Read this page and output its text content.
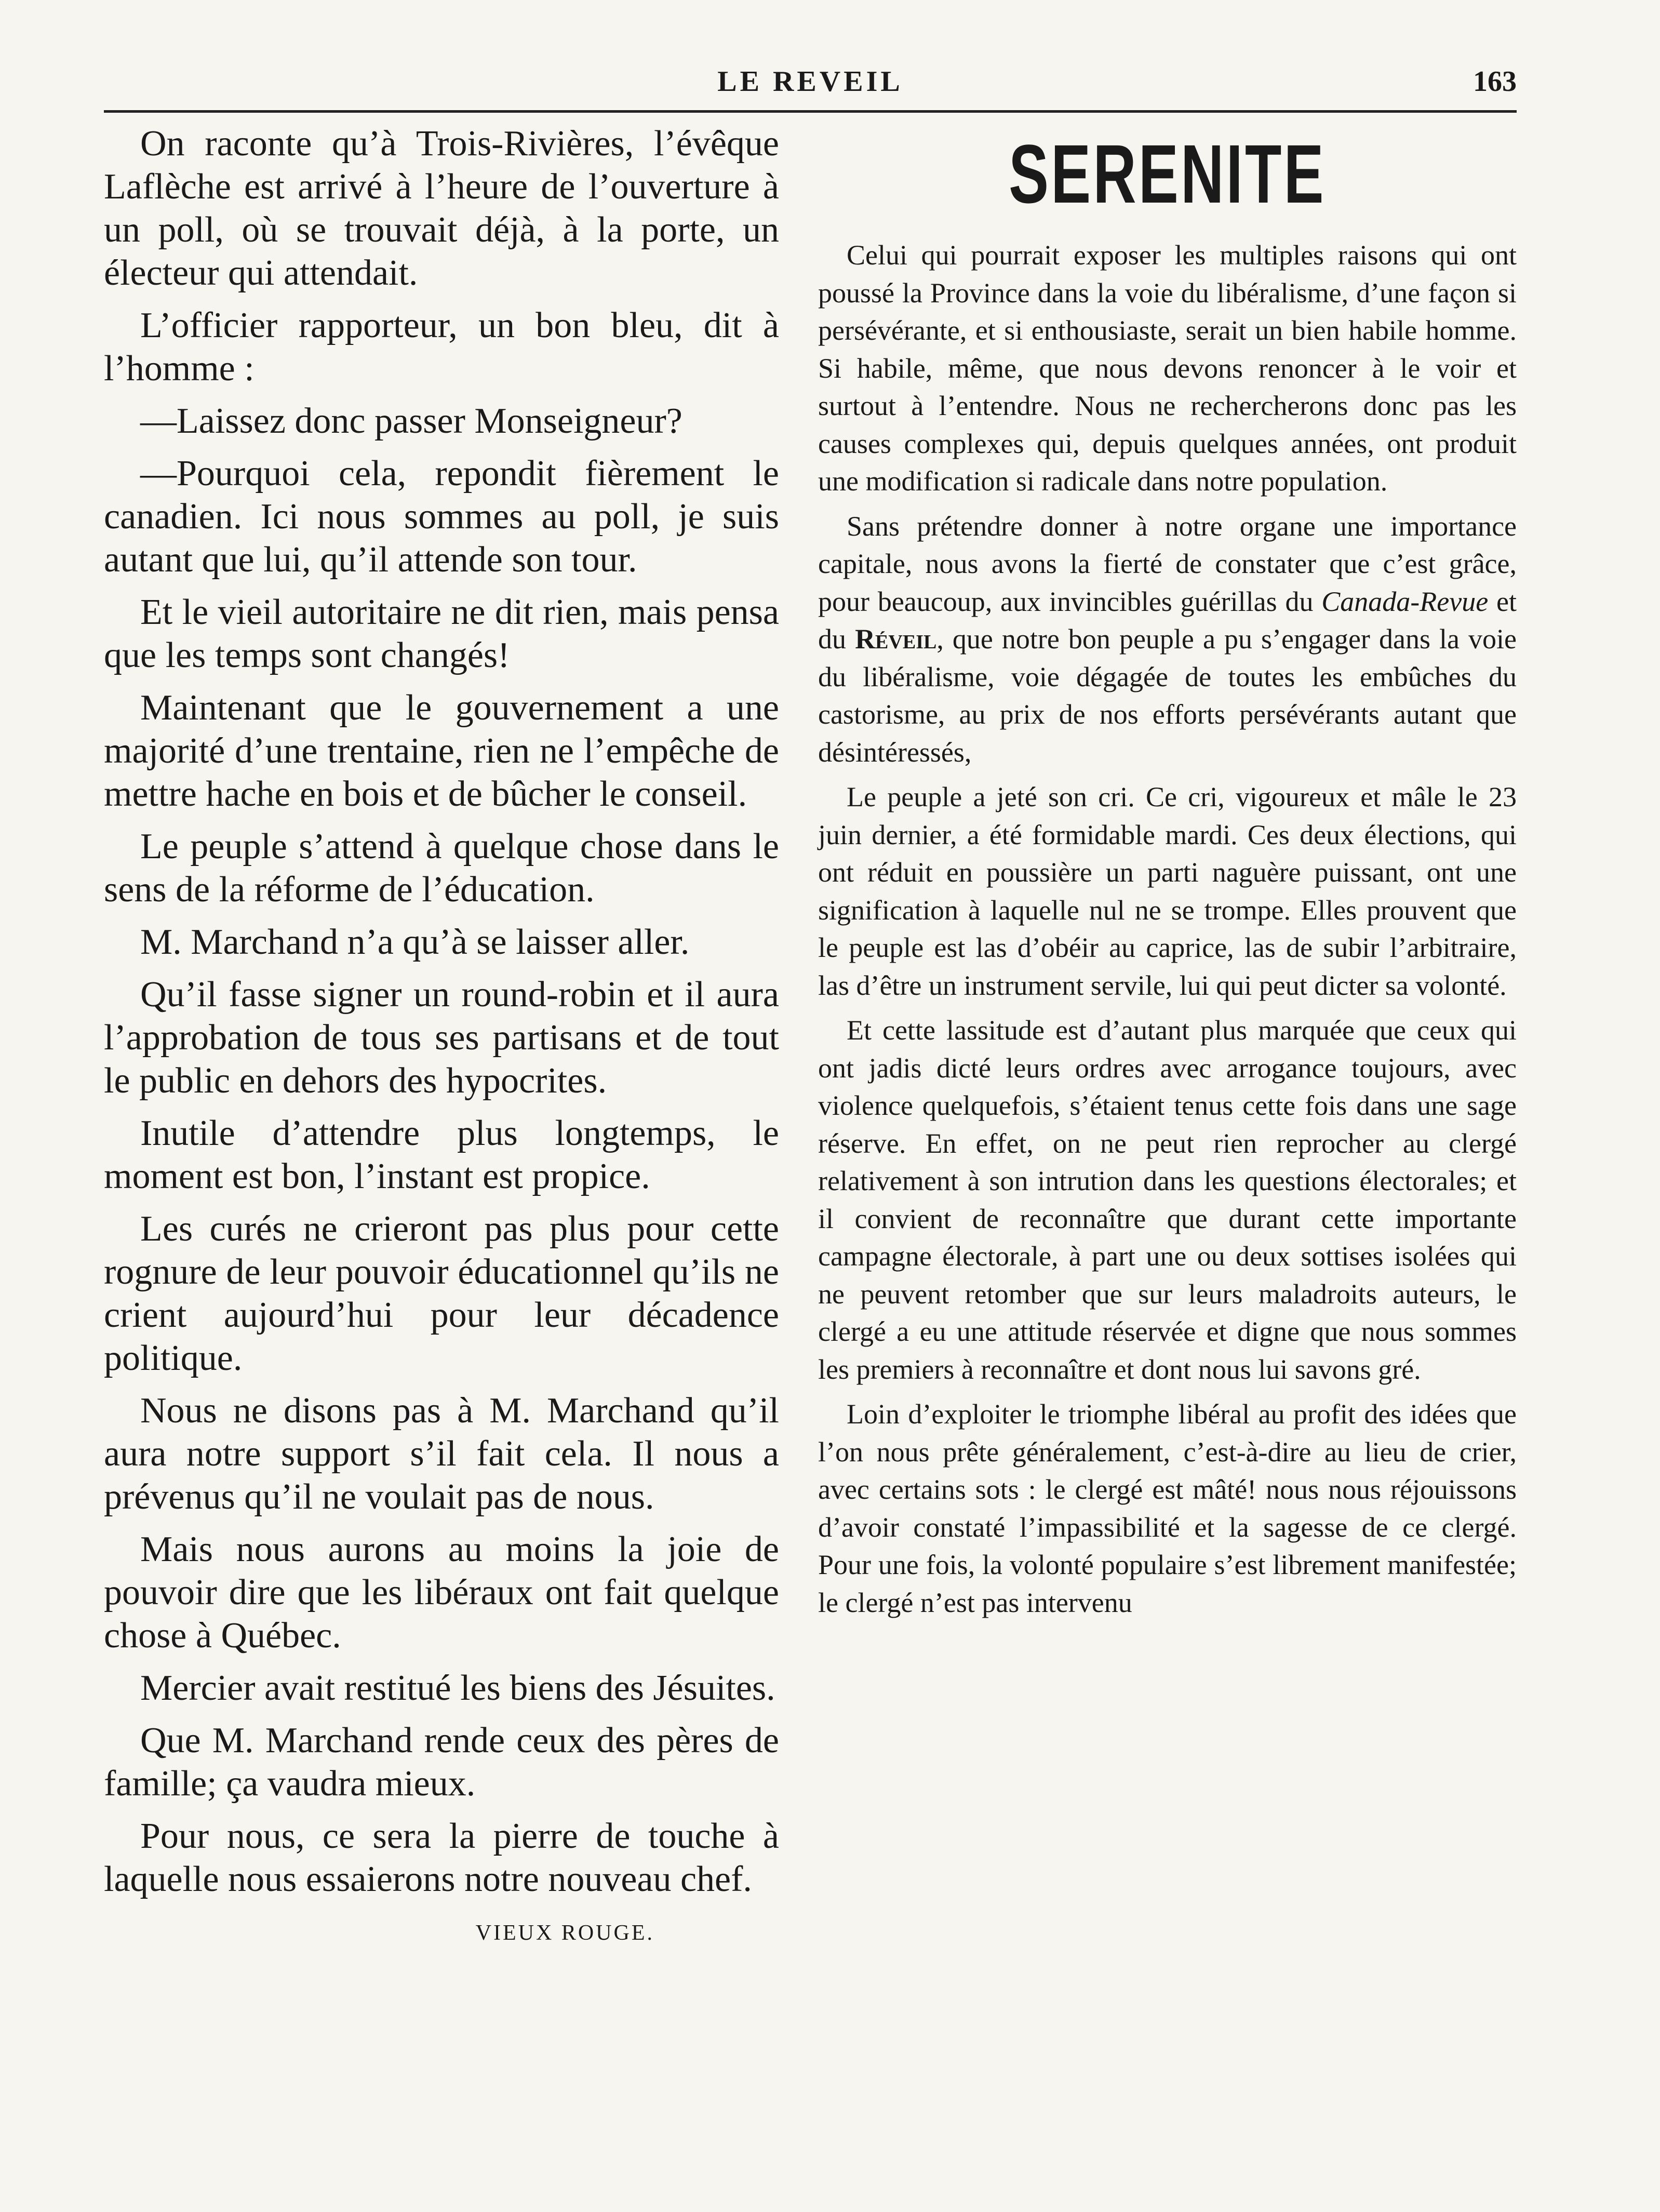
LE REVEIL	163

On raconte qu’à Trois-Rivières, l’évêque Laflèche est arrivé à l’heure de l’ouverture à un poll, où se trouvait déjà, à la porte, un électeur qui attendait.

L’officier rapporteur, un bon bleu, dit à l’homme :

—Laissez donc passer Monseigneur?

—Pourquoi cela, repondit fièrement le canadien. Ici nous sommes au poll, je suis autant que lui, qu’il attende son tour.

Et le vieil autoritaire ne dit rien, mais pensa que les temps sont changés!

Maintenant que le gouvernement a une majorité d’une trentaine, rien ne l’empêche de mettre hache en bois et de bûcher le conseil.

Le peuple s’attend à quelque chose dans le sens de la réforme de l’éducation.

M. Marchand n’a qu’à se laisser aller.

Qu’il fasse signer un round-robin et il aura l’approbation de tous ses partisans et de tout le public en dehors des hypocrites.

Inutile d’attendre plus longtemps, le moment est bon, l’instant est propice.

Les curés ne crieront pas plus pour cette rognure de leur pouvoir éducationnel qu’ils ne crient aujourd’hui pour leur décadence politique.

Nous ne disons pas à M. Marchand qu’il aura notre support s’il fait cela. Il nous a prévenus qu’il ne voulait pas de nous.

Mais nous aurons au moins la joie de pouvoir dire que les libéraux ont fait quelque chose à Québec.

Mercier avait restitué les biens des Jésuites.

Que M. Marchand rende ceux des pères de famille; ça vaudra mieux.

Pour nous, ce sera la pierre de touche à laquelle nous essaierons notre nouveau chef.

VIEUX ROUGE.
SERENITE

Celui qui pourrait exposer les multiples raisons qui ont poussé la Province dans la voie du libéralisme, d’une façon si persévérante, et si enthousiaste, serait un bien habile homme. Si habile, même, que nous devons renoncer à le voir et surtout à l’entendre. Nous ne rechercherons donc pas les causes complexes qui, depuis quelques années, ont produit une modification si radicale dans notre population.

Sans prétendre donner à notre organe une importance capitale, nous avons la fierté de constater que c’est grâce, pour beaucoup, aux invincibles guérillas du Canada-Revue et du Réveil, que notre bon peuple a pu s’engager dans la voie du libéralisme, voie dégagée de toutes les embûches du castorisme, au prix de nos efforts persévérants autant que désintéressés,

Le peuple a jeté son cri. Ce cri, vigoureux et mâle le 23 juin dernier, a été formidable mardi. Ces deux élections, qui ont réduit en poussière un parti naguère puissant, ont une signification à laquelle nul ne se trompe. Elles prouvent que le peuple est las d’obéir au caprice, las de subir l’arbitraire, las d’être un instrument servile, lui qui peut dicter sa volonté.

Et cette lassitude est d’autant plus marquée que ceux qui ont jadis dicté leurs ordres avec arrogance toujours, avec violence quelquefois, s’étaient tenus cette fois dans une sage réserve. En effet, on ne peut rien reprocher au clergé relativement à son intrution dans les questions électorales; et il convient de reconnaître que durant cette importante campagne électorale, à part une ou deux sottises isolées qui ne peuvent retomber que sur leurs maladroits auteurs, le clergé a eu une attitude réservée et digne que nous sommes les premiers à reconnaître et dont nous lui savons gré.

Loin d’exploiter le triomphe libéral au profit des idées que l’on nous prête généralement, c’est-à-dire au lieu de crier, avec certains sots : le clergé est mâté! nous nous réjouissons d’avoir constaté l’impassibilité et la sagesse de ce clergé. Pour une fois, la volonté populaire s’est librement manifestée; le clergé n’est pas intervenu
